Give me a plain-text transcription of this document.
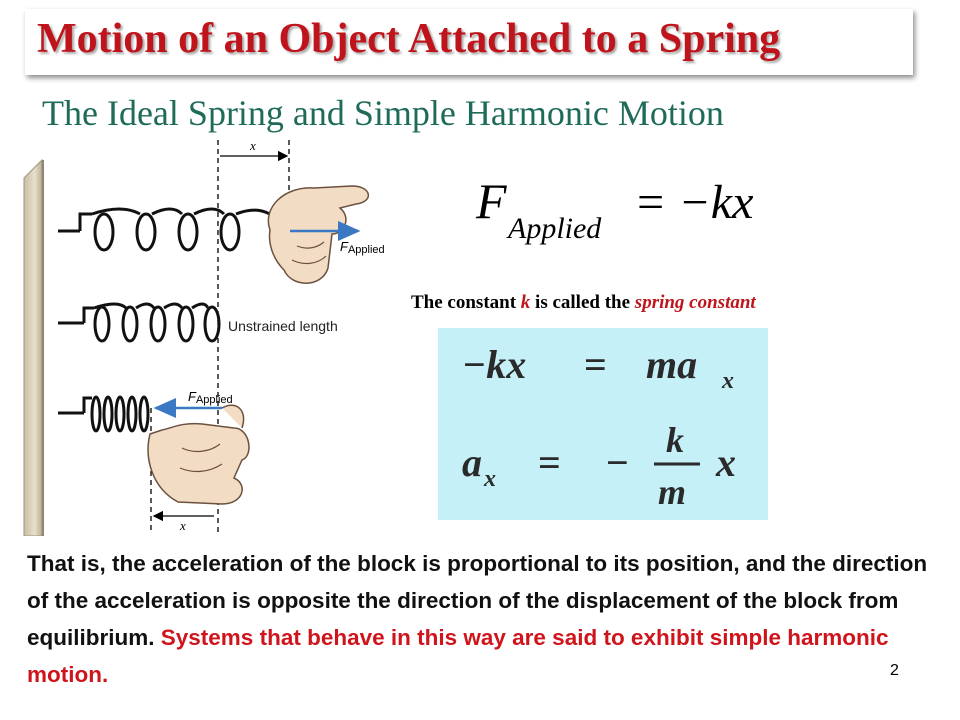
Motion of an Object Attached to a Spring
The Ideal Spring and Simple Harmonic Motion
x
FApplied
Unstrained length
FApplied
x
F Applied = −kx
The constant k is called the spring constant
−kx = ma x
a x = − k
m
x
That is, the acceleration of the block is proportional to its position, and the direction of the acceleration is opposite the direction of the displacement of the block from equilibrium. Systems that behave in this way are said to exhibit simple harmonic motion.	2
